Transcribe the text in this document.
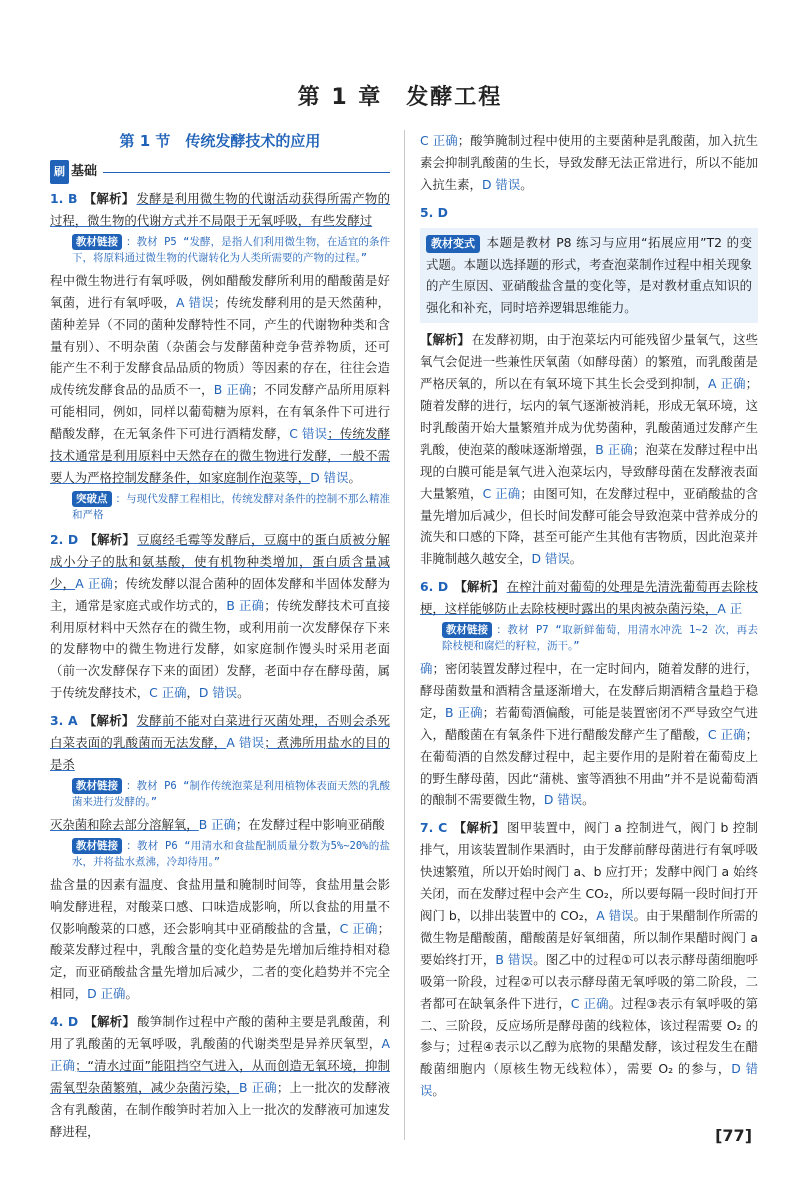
第 1 章　发酵工程
第 1 节　传统发酵技术的应用
刷 基础
1. B 【解析】 发酵是利用微生物的代谢活动获得所需产物的过程，微生物的代谢方式并不局限于无氧呼吸，有些发酵过
教材链接 ：教材 P5 “发酵，是指人们利用微生物，在适宜的条件下，将原料通过微生物的代谢转化为人类所需要的产物的过程。”
程中微生物进行有氧呼吸，例如醋酸发酵所利用的醋酸菌是好氧菌，进行有氧呼吸，A 错误；传统发酵利用的是天然菌种，菌种差异（不同的菌种发酵特性不同，产生的代谢物种类和含量有别）、不明杂菌（杂菌会与发酵菌种竞争营养物质，还可能产生不利于发酵食品品质的物质）等因素的存在，往往会造成传统发酵食品的品质不一，B 正确；不同发酵产品所用原料可能相同，例如，同样以葡萄糖为原料，在有氧条件下可进行醋酸发酵，在无氧条件下可进行酒精发酵，C 错误；传统发酵技术通常是利用原料中天然存在的微生物进行发酵，一般不需要人为严格控制发酵条件，如家庭制作泡菜等，D 错误。
突破点 ：与现代发酵工程相比，传统发酵对条件的控制不那么精准和严格
2. D 【解析】 豆腐经毛霉等发酵后，豆腐中的蛋白质被分解成小分子的肽和氨基酸，使有机物种类增加，蛋白质含量减少，A 正确；传统发酵以混合菌种的固体发酵和半固体发酵为主，通常是家庭式或作坊式的，B 正确；传统发酵技术可直接利用原材料中天然存在的微生物，或利用前一次发酵保存下来的发酵物中的微生物进行发酵，如家庭制作馒头时采用老面（前一次发酵保存下来的面团）发酵，老面中存在酵母菌，属于传统发酵技术，C 正确，D 错误。
3. A 【解析】 发酵前不能对白菜进行灭菌处理，否则会杀死白菜表面的乳酸菌而无法发酵，A 错误；煮沸所用盐水的目的是杀
教材链接 ：教材 P6 “制作传统泡菜是利用植物体表面天然的乳酸菌来进行发酵的。”
灭杂菌和除去部分溶解氧，B 正确；在发酵过程中影响亚硝酸
教材链接 ：教材 P6 “用清水和食盐配制质量分数为5%~20%的盐水，并将盐水煮沸，冷却待用。”
盐含量的因素有温度、食盐用量和腌制时间等，食盐用量会影响发酵进程，对酸菜口感、口味造成影响，所以食盐的用量不仅影响酸菜的口感，还会影响其中亚硝酸盐的含量，C 正确；酸菜发酵过程中，乳酸含量的变化趋势是先增加后维持相对稳定，而亚硝酸盐含量先增加后减少，二者的变化趋势并不完全相同，D 正确。
4. D 【解析】 酸笋制作过程中产酸的菌种主要是乳酸菌，利用了乳酸菌的无氧呼吸，乳酸菌的代谢类型是异养厌氧型，A 正确；“清水过面”能阻挡空气进入，从而创造无氧环境，抑制需氧型杂菌繁殖，减少杂菌污染，B 正确；上一批次的发酵液含有乳酸菌，在制作酸笋时若加入上一批次的发酵液可加速发酵进程，
C 正确；酸笋腌制过程中使用的主要菌种是乳酸菌，加入抗生素会抑制乳酸菌的生长，导致发酵无法正常进行，所以不能加入抗生素，D 错误。
5. D
教材变式 本题是教材 P8 练习与应用“拓展应用”T2 的变式题。本题以选择题的形式，考查泡菜制作过程中相关现象的产生原因、亚硝酸盐含量的变化等，是对教材重点知识的强化和补充，同时培养逻辑思维能力。
【解析】 在发酵初期，由于泡菜坛内可能残留少量氧气，这些氧气会促进一些兼性厌氧菌（如酵母菌）的繁殖，而乳酸菌是严格厌氧的，所以在有氧环境下其生长会受到抑制，A 正确；随着发酵的进行，坛内的氧气逐渐被消耗，形成无氧环境，这时乳酸菌开始大量繁殖并成为优势菌种，乳酸菌通过发酵产生乳酸，使泡菜的酸味逐渐增强，B 正确；泡菜在发酵过程中出现的白膜可能是氧气进入泡菜坛内，导致酵母菌在发酵液表面大量繁殖，C 正确；由图可知，在发酵过程中，亚硝酸盐的含量先增加后减少，但长时间发酵可能会导致泡菜中营养成分的流失和口感的下降，甚至可能产生其他有害物质，因此泡菜并非腌制越久越安全，D 错误。
6. D 【解析】 在榨汁前对葡萄的处理是先清洗葡萄再去除枝梗，这样能够防止去除枝梗时露出的果肉被杂菌污染，A 正
教材链接 ：教材 P7 “取新鲜葡萄，用清水冲洗 1~2 次，再去除枝梗和腐烂的籽粒，沥干。”
确；密闭装置发酵过程中，在一定时间内，随着发酵的进行，酵母菌数量和酒精含量逐渐增大，在发酵后期酒精含量趋于稳定，B 正确；若葡萄酒偏酸，可能是装置密闭不严导致空气进入，醋酸菌在有氧条件下进行醋酸发酵产生了醋酸，C 正确；在葡萄酒的自然发酵过程中，起主要作用的是附着在葡萄皮上的野生酵母菌，因此“蒲桃、蜜等酒独不用曲”并不是说葡萄酒的酿制不需要微生物，D 错误。
7. C 【解析】 图甲装置中，阀门 a 控制进气，阀门 b 控制排气，用该装置制作果酒时，由于发酵前酵母菌进行有氧呼吸快速繁殖，所以开始时阀门 a、b 应打开；发酵中阀门 a 始终关闭，而在发酵过程中会产生 CO₂，所以要每隔一段时间打开阀门 b，以排出装置中的 CO₂，A 错误。由于果醋制作所需的微生物是醋酸菌，醋酸菌是好氧细菌，所以制作果醋时阀门 a 要始终打开，B 错误。图乙中的过程①可以表示酵母菌细胞呼吸第一阶段，过程②可以表示酵母菌无氧呼吸的第二阶段，二者都可在缺氧条件下进行，C 正确。过程③表示有氧呼吸的第二、三阶段，反应场所是酵母菌的线粒体，该过程需要 O₂ 的参与；过程④表示以乙醇为底物的果醋发酵，该过程发生在醋酸菌细胞内（原核生物无线粒体），需要 O₂ 的参与，D 错误。
[77]
